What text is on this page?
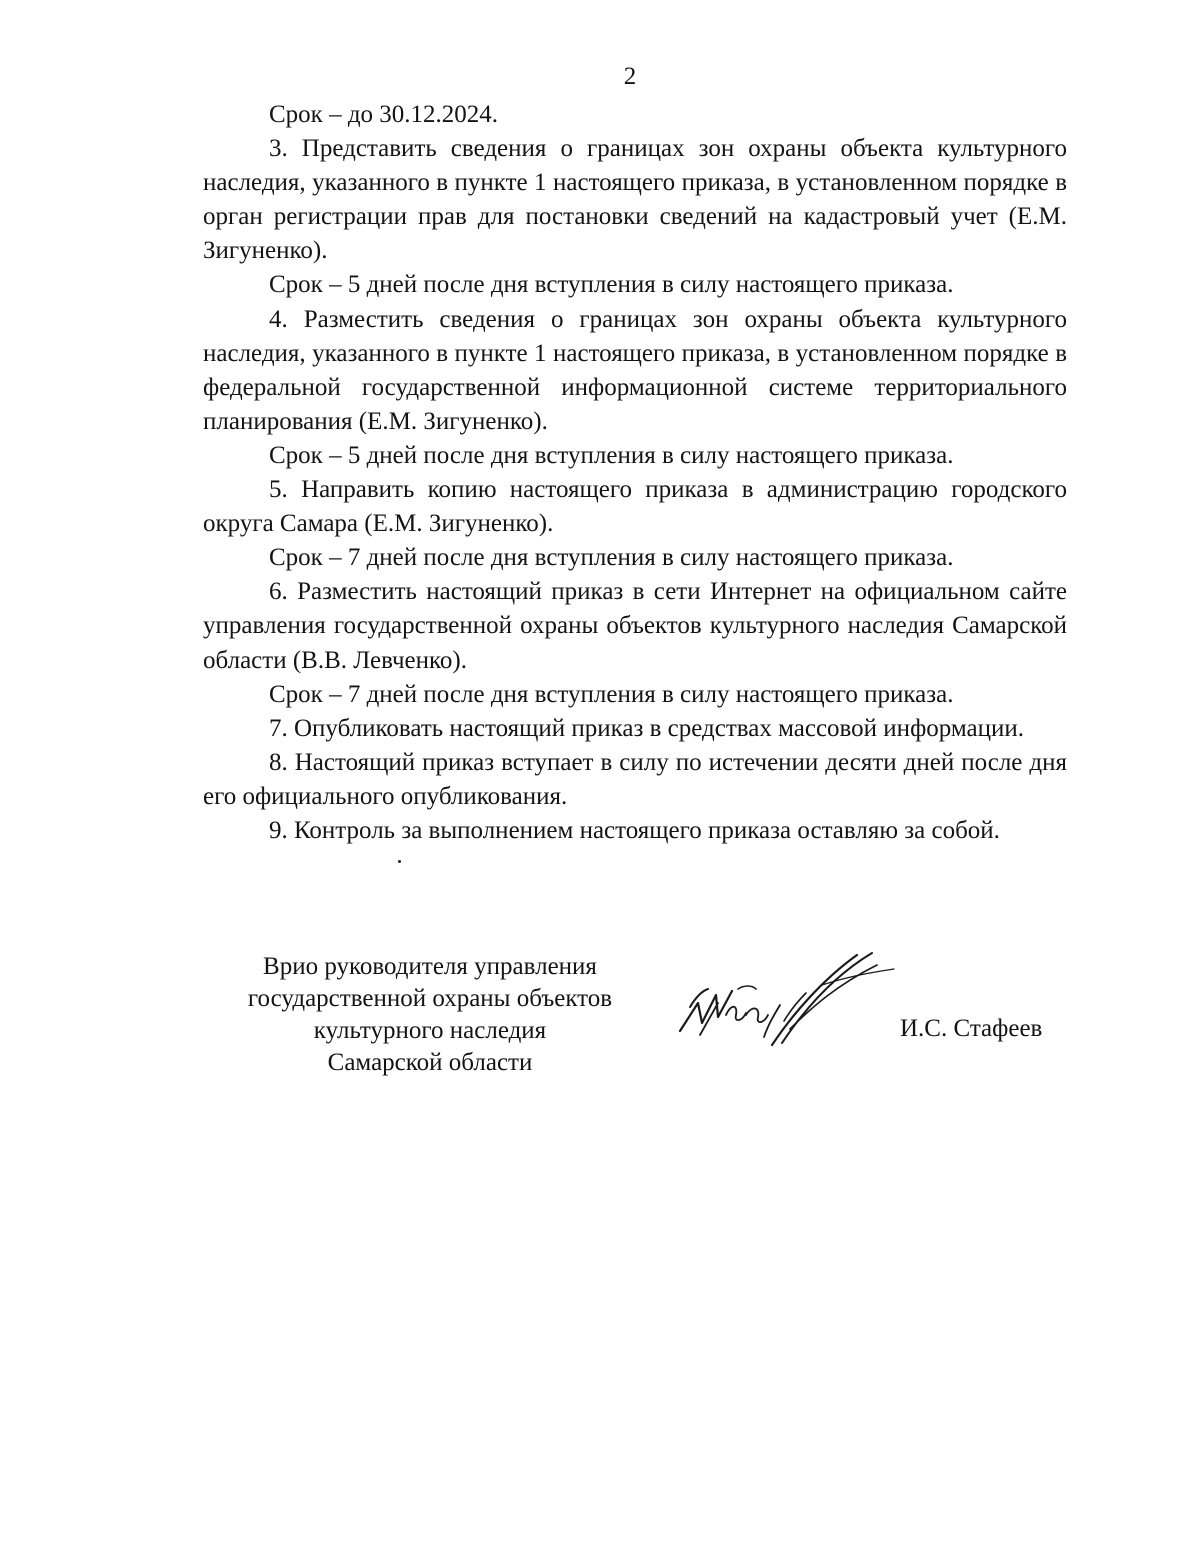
2

Срок – до 30.12.2024.

3. Представить сведения о границах зон охраны объекта культурного наследия, указанного в пункте 1 настоящего приказа, в установленном порядке в орган регистрации прав для постановки сведений на кадастровый учет (Е.М. Зигуненко).

Срок – 5 дней после дня вступления в силу настоящего приказа.

4. Разместить сведения о границах зон охраны объекта культурного наследия, указанного в пункте 1 настоящего приказа, в установленном порядке в федеральной государственной информационной системе территориального планирования (Е.М. Зигуненко).

Срок – 5 дней после дня вступления в силу настоящего приказа.

5. Направить копию настоящего приказа в администрацию городского округа Самара (Е.М. Зигуненко).

Срок – 7 дней после дня вступления в силу настоящего приказа.

6. Разместить настоящий приказ в сети Интернет на официальном сайте управления государственной охраны объектов культурного наследия Самарской области (В.В. Левченко).

Срок – 7 дней после дня вступления в силу настоящего приказа.

7. Опубликовать настоящий приказ в средствах массовой информации.

8. Настоящий приказ вступает в силу по истечении десяти дней после дня его официального опубликования.

9. Контроль за выполнением настоящего приказа оставляю за собой.

Врио руководителя управления
государственной охраны объектов
культурного наследия
Самарской области
И.С. Стафеев
